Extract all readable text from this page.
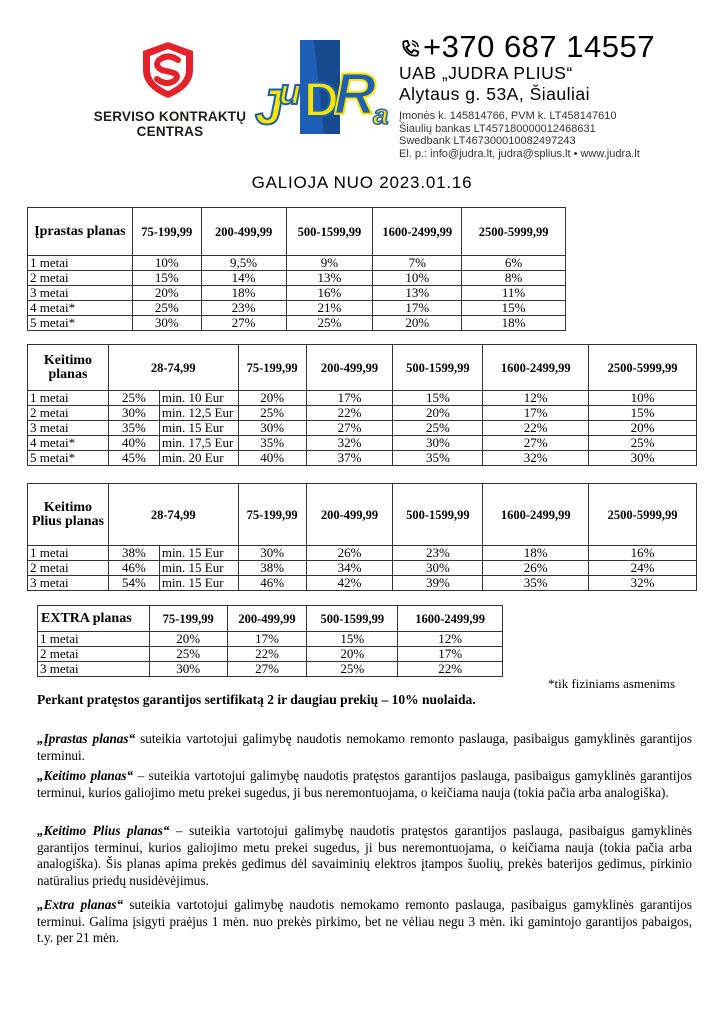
SERVISO KONTRAKTŲ
CENTRAS	J
u D
R
a
+370 687 14557
UAB „JUDRA PLIUS“
Alytaus g. 53A, Šiauliai
Įmonės k. 145814766, PVM k. LT458147610
Šiaulių bankas LT457180000012468631
Swedbank LT467300010082497243
El. p.: info@judra.lt, judra@splius.lt • www.judra.lt
GALIOJA NUO 2023.01.16
Įprastas planas	75-199,99	200-499,99	500-1599,99	1600-2499,99	2500-5999,99
1 metai	10%	9,5%	9%	7%	6%
2 metai	15%	14%	13%	10%	8%
3 metai	20%	18%	16%	13%	11%
4 metai*	25%	23%	21%	17%	15%
5 metai*	30%	27%	25%	20%	18%
Keitimo planas	28-74,99		75-199,99	200-499,99	500-1599,99	1600-2499,99	2500-5999,99
1 metai	25%	min. 10 Eur	20%	17%	15%	12%	10%
2 metai	30%	min. 12,5 Eur	25%	22%	20%	17%	15%
3 metai	35%	min. 15 Eur	30%	27%	25%	22%	20%
4 metai*	40%	min. 17,5 Eur	35%	32%	30%	27%	25%
5 metai*	45%	min. 20 Eur	40%	37%	35%	32%	30%
Keitimo Plius planas	28-74,99		75-199,99	200-499,99	500-1599,99	1600-2499,99	2500-5999,99
1 metai	38%	min. 15 Eur	30%	26%	23%	18%	16%
2 metai	46%	min. 15 Eur	38%	34%	30%	26%	24%
3 metai	54%	min. 15 Eur	46%	42%	39%	35%	32%
EXTRA planas	75-199,99	200-499,99	500-1599,99	1600-2499,99
1 metai	20%	17%	15%	12%
2 metai	25%	22%	20%	17%
3 metai	30%	27%	25%	22%
*tik fiziniams asmenims
Perkant pratęstos garantijos sertifikatą 2 ir daugiau prekių – 10% nuolaida.
„Įprastas planas“ suteikia vartotojui galimybę naudotis nemokamo remonto paslauga, pasibaigus gamyklinės garantijos terminui.
„Keitimo planas“ – suteikia vartotojui galimybę naudotis pratęstos garantijos paslauga, pasibaigus gamyklinės garantijos terminui, kurios galiojimo metu prekei sugedus, ji bus neremontuojama, o keičiama nauja (tokia pačia arba analogiška).
„Keitimo Plius planas“ – suteikia vartotojui galimybę naudotis pratęstos garantijos paslauga, pasibaigus gamyklinės garantijos terminui, kurios galiojimo metu prekei sugedus, ji bus neremontuojama, o keičiama nauja (tokia pačia arba analogiška). Šis planas apima prekės gedimus dėl savaiminių elektros įtampos šuolių, prekės baterijos gedimus, pirkinio natūralius priedų nusidėvėjimus.
„Extra planas“ suteikia vartotojui galimybę naudotis nemokamo remonto paslauga, pasibaigus gamyklinės garantijos terminui. Galima įsigyti praėjus 1 mėn. nuo prekės pirkimo, bet ne vėliau negu 3 mėn. iki gamintojo garantijos pabaigos, t.y. per 21 mėn.
